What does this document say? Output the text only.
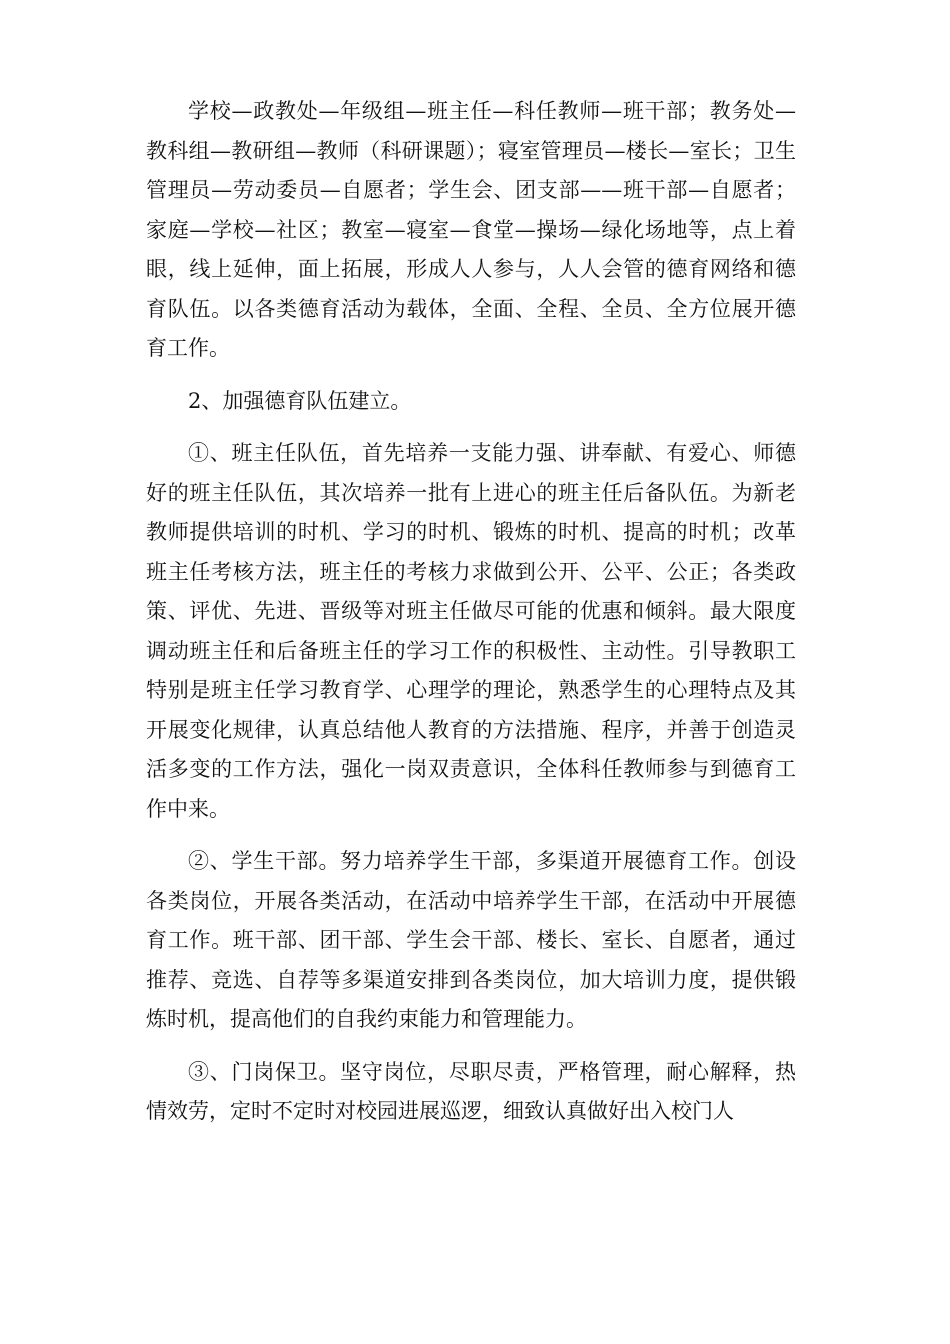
学校—政教处—年级组—班主任—科任教师—班干部；教务处—教科组—教研组—教师（科研课题）；寝室管理员—楼长—室长；卫生管理员—劳动委员—自愿者；学生会、团支部——班干部—自愿者；家庭—学校—社区；教室—寝室—食堂—操场—绿化场地等，点上着眼，线上延伸，面上拓展，形成人人参与，人人会管的德育网络和德育队伍。以各类德育活动为载体，全面、全程、全员、全方位展开德育工作。

2、加强德育队伍建立。

①、班主任队伍，首先培养一支能力强、讲奉献、有爱心、师德好的班主任队伍，其次培养一批有上进心的班主任后备队伍。为新老教师提供培训的时机、学习的时机、锻炼的时机、提高的时机；改革班主任考核方法，班主任的考核力求做到公开、公平、公正；各类政策、评优、先进、晋级等对班主任做尽可能的优惠和倾斜。最大限度调动班主任和后备班主任的学习工作的积极性、主动性。引导教职工特别是班主任学习教育学、心理学的理论，熟悉学生的心理特点及其开展变化规律，认真总结他人教育的方法措施、程序，并善于创造灵活多变的工作方法，强化一岗双责意识，全体科任教师参与到德育工作中来。

②、学生干部。努力培养学生干部，多渠道开展德育工作。创设各类岗位，开展各类活动，在活动中培养学生干部，在活动中开展德育工作。班干部、团干部、学生会干部、楼长、室长、自愿者，通过推荐、竞选、自荐等多渠道安排到各类岗位，加大培训力度，提供锻炼时机，提高他们的自我约束能力和管理能力。

③、门岗保卫。坚守岗位，尽职尽责，严格管理，耐心解释，热情效劳，定时不定时对校园进展巡逻，细致认真做好出入校门人
